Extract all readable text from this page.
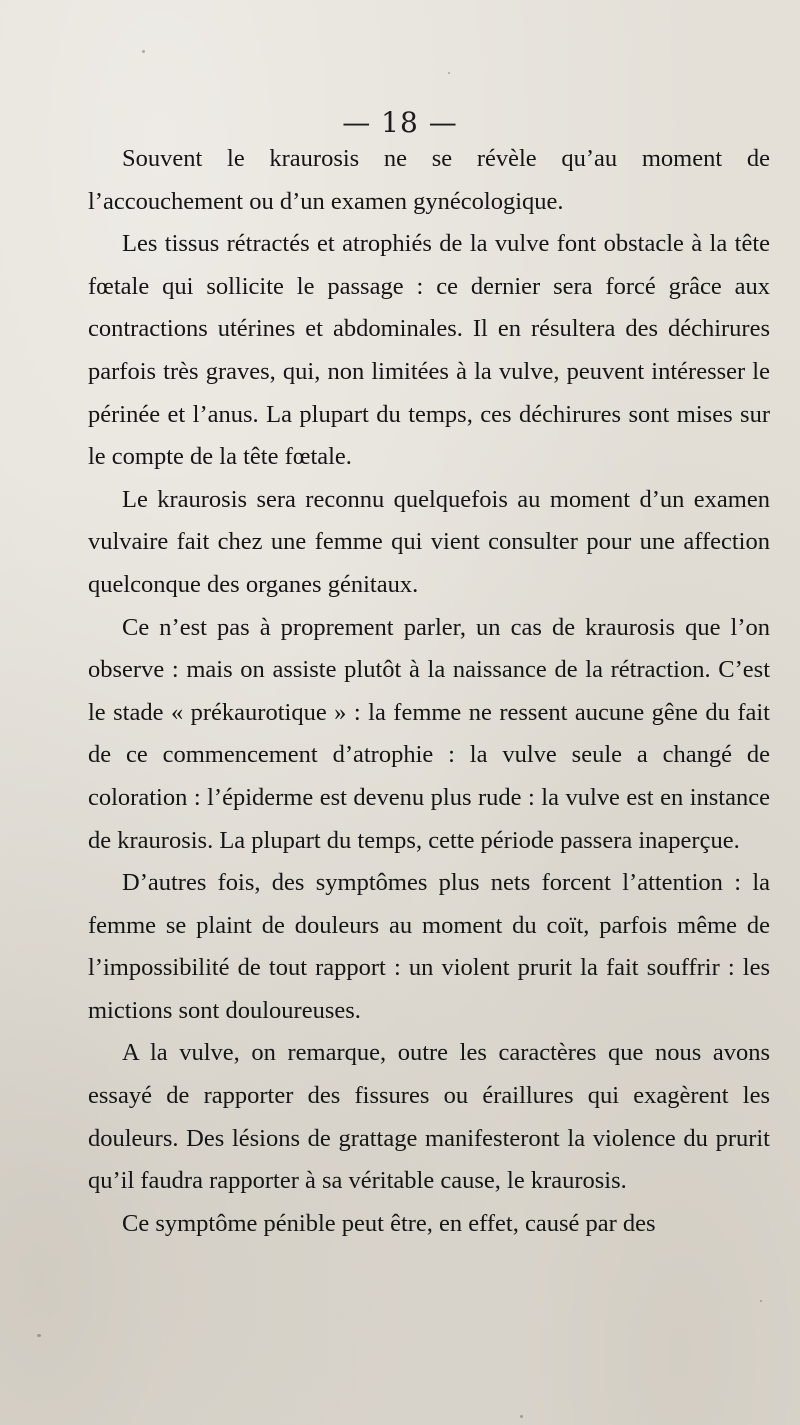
— 18 —

Souvent le kraurosis ne se révèle qu’au moment de l’accouchement ou d’un examen gynécologique.

Les tissus rétractés et atrophiés de la vulve font obstacle à la tête fœtale qui sollicite le passage : ce dernier sera forcé grâce aux contractions utérines et abdominales. Il en résultera des déchirures parfois très graves, qui, non limitées à la vulve, peuvent intéresser le périnée et l’anus. La plupart du temps, ces déchirures sont mises sur le compte de la tête fœtale.

Le kraurosis sera reconnu quelquefois au moment d’un examen vulvaire fait chez une femme qui vient consulter pour une affection quelconque des organes génitaux.

Ce n’est pas à proprement parler, un cas de kraurosis que l’on observe : mais on assiste plutôt à la naissance de la rétraction. C’est le stade « prékaurotique » : la femme ne ressent aucune gêne du fait de ce commencement d’atrophie : la vulve seule a changé de coloration : l’épiderme est devenu plus rude : la vulve est en instance de kraurosis. La plupart du temps, cette période passera inaperçue.

D’autres fois, des symptômes plus nets forcent l’attention : la femme se plaint de douleurs au moment du coït, parfois même de l’impossibilité de tout rapport : un violent prurit la fait souffrir : les mictions sont douloureuses.

A la vulve, on remarque, outre les caractères que nous avons essayé de rapporter des fissures ou éraillures qui exagèrent les douleurs. Des lésions de grattage manifesteront la violence du prurit qu’il faudra rapporter à sa véritable cause, le kraurosis.

Ce symptôme pénible peut être, en effet, causé par des
